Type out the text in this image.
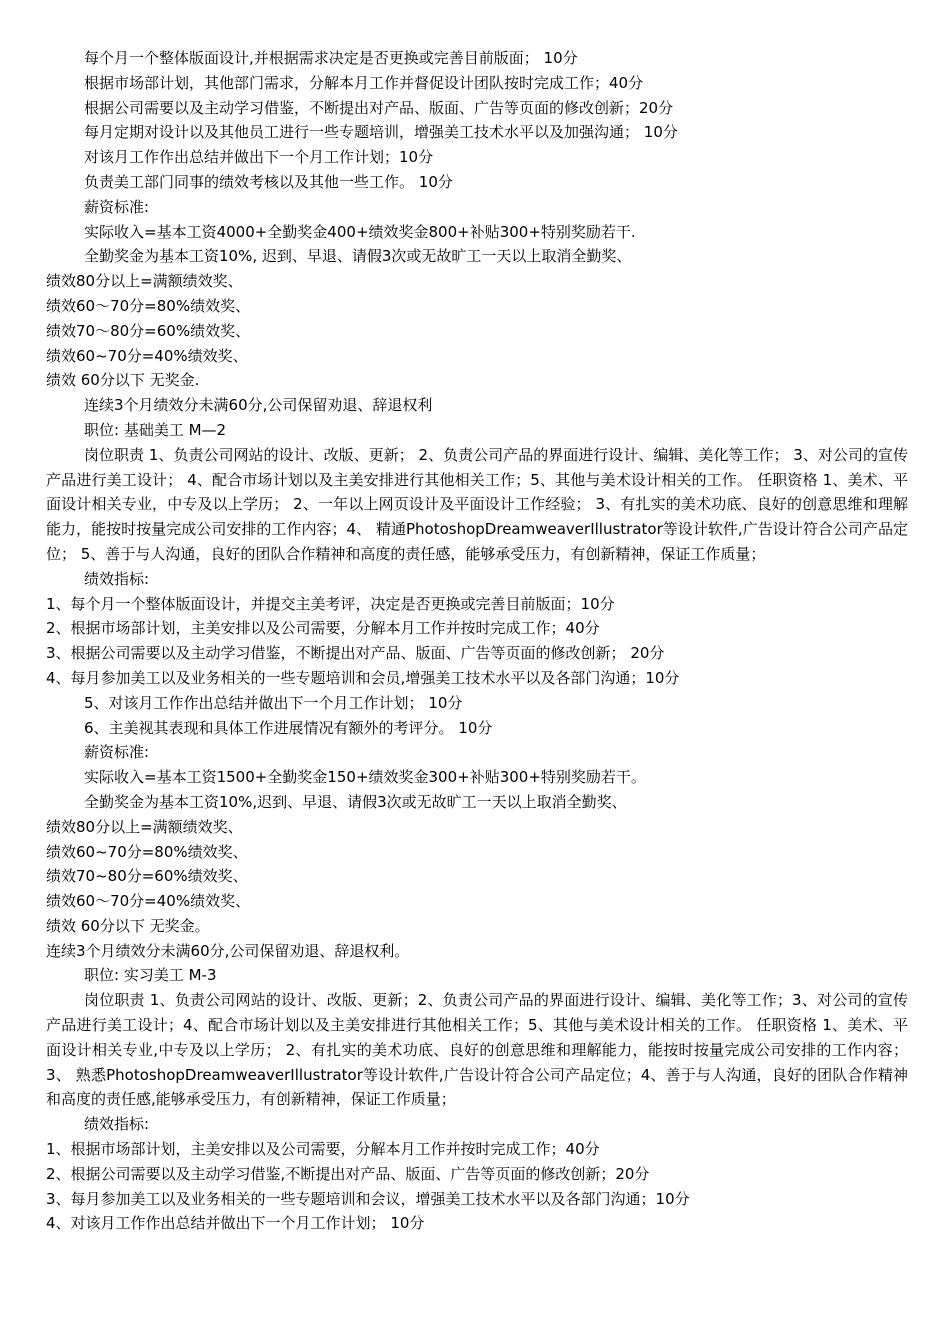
每个月一个整体版面设计,并根据需求决定是否更换或完善目前版面； 10分
根据市场部计划，其他部门需求，分解本月工作并督促设计团队按时完成工作；40分
根据公司需要以及主动学习借鉴，不断提出对产品、版面、广告等页面的修改创新；20分
每月定期对设计以及其他员工进行一些专题培训，增强美工技术水平以及加强沟通； 10分
对该月工作作出总结并做出下一个月工作计划；10分
负责美工部门同事的绩效考核以及其他一些工作。 10分
薪资标准:
实际收入=基本工资4000+全勤奖金400+绩效奖金800+补贴300+特别奖励若干.
全勤奖金为基本工资10%, 迟到、早退、请假3次或无故旷工一天以上取消全勤奖、
绩效80分以上=满额绩效奖、
绩效60～70分=80%绩效奖、
绩效70～80分=60%绩效奖、
绩效60~70分=40%绩效奖、
绩效 60分以下 无奖金.
连续3个月绩效分未满60分,公司保留劝退、辞退权利
职位: 基础美工 M—2

岗位职责 1、负责公司网站的设计、改版、更新； 2、负责公司产品的界面进行设计、编辑、美化等工作； 3、对公司的宣传产品进行美工设计； 4、配合市场计划以及主美安排进行其他相关工作；5、其他与美术设计相关的工作。 任职资格 1、美术、平面设计相关专业，中专及以上学历； 2、一年以上网页设计及平面设计工作经验； 3、有扎实的美术功底、良好的创意思维和理解能力，能按时按量完成公司安排的工作内容；4、 精通PhotoshopDreamweaverIllustrator等设计软件,广告设计符合公司产品定位； 5、善于与人沟通，良好的团队合作精神和高度的责任感，能够承受压力，有创新精神，保证工作质量；

绩效指标:
1、每个月一个整体版面设计，并提交主美考评，决定是否更换或完善目前版面；10分
2、根据市场部计划，主美安排以及公司需要，分解本月工作并按时完成工作；40分
3、根据公司需要以及主动学习借鉴，不断提出对产品、版面、广告等页面的修改创新； 20分
4、每月参加美工以及业务相关的一些专题培训和会员,增强美工技术水平以及各部门沟通；10分
5、对该月工作作出总结并做出下一个月工作计划； 10分
6、主美视其表现和具体工作进展情况有额外的考评分。 10分
薪资标准:
实际收入=基本工资1500+全勤奖金150+绩效奖金300+补贴300+特别奖励若干。
全勤奖金为基本工资10%,迟到、早退、请假3次或无故旷工一天以上取消全勤奖、
绩效80分以上=满额绩效奖、
绩效60~70分=80%绩效奖、
绩效70~80分=60%绩效奖、
绩效60～70分=40%绩效奖、
绩效 60分以下 无奖金。
连续3个月绩效分未满60分,公司保留劝退、辞退权利。
职位: 实习美工 M-3

岗位职责 1、负责公司网站的设计、改版、更新；2、负责公司产品的界面进行设计、编辑、美化等工作；3、对公司的宣传产品进行美工设计；4、配合市场计划以及主美安排进行其他相关工作；5、其他与美术设计相关的工作。 任职资格 1、美术、平面设计相关专业,中专及以上学历； 2、有扎实的美术功底、良好的创意思维和理解能力，能按时按量完成公司安排的工作内容； 3、 熟悉PhotoshopDreamweaverIllustrator等设计软件,广告设计符合公司产品定位；4、善于与人沟通，良好的团队合作精神和高度的责任感,能够承受压力，有创新精神，保证工作质量；

绩效指标:
1、根据市场部计划，主美安排以及公司需要，分解本月工作并按时完成工作；40分
2、根据公司需要以及主动学习借鉴,不断提出对产品、版面、广告等页面的修改创新；20分
3、每月参加美工以及业务相关的一些专题培训和会议，增强美工技术水平以及各部门沟通；10分
4、对该月工作作出总结并做出下一个月工作计划； 10分
